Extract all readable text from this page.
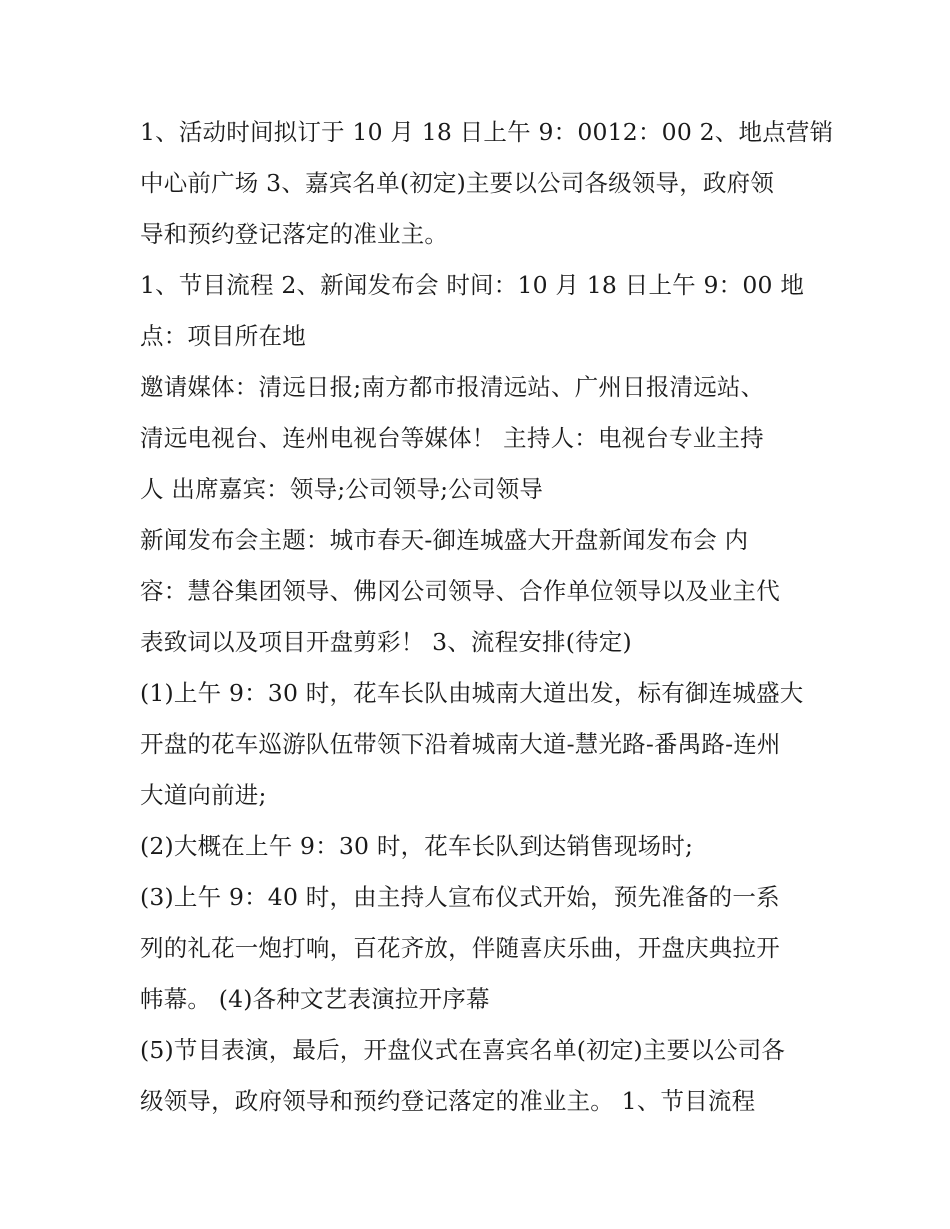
1、活动时间拟订于 10 月 18 日上午 9：0012：00 2、地点营销

中心前广场 3、嘉宾名单(初定)主要以公司各级领导，政府领

导和预约登记落定的准业主。

1、节目流程 2、新闻发布会 时间：10 月 18 日上午 9：00 地

点：项目所在地

邀请媒体：清远日报;南方都市报清远站、广州日报清远站、

清远电视台、连州电视台等媒体！ 主持人：电视台专业主持

人 出席嘉宾：领导;公司领导;公司领导

新闻发布会主题：城市春天-御连城盛大开盘新闻发布会 内

容：慧谷集团领导、佛冈公司领导、合作单位领导以及业主代

表致词以及项目开盘剪彩！ 3、流程安排(待定)

(1)上午 9：30 时，花车长队由城南大道出发，标有御连城盛大

开盘的花车巡游队伍带领下沿着城南大道-慧光路-番禺路-连州

大道向前进;

(2)大概在上午 9：30 时，花车长队到达销售现场时;

(3)上午 9：40 时，由主持人宣布仪式开始，预先准备的一系

列的礼花一炮打响，百花齐放，伴随喜庆乐曲，开盘庆典拉开

帏幕。 (4)各种文艺表演拉开序幕

(5)节目表演，最后，开盘仪式在喜宾名单(初定)主要以公司各

级领导，政府领导和预约登记落定的准业主。 1、节目流程
